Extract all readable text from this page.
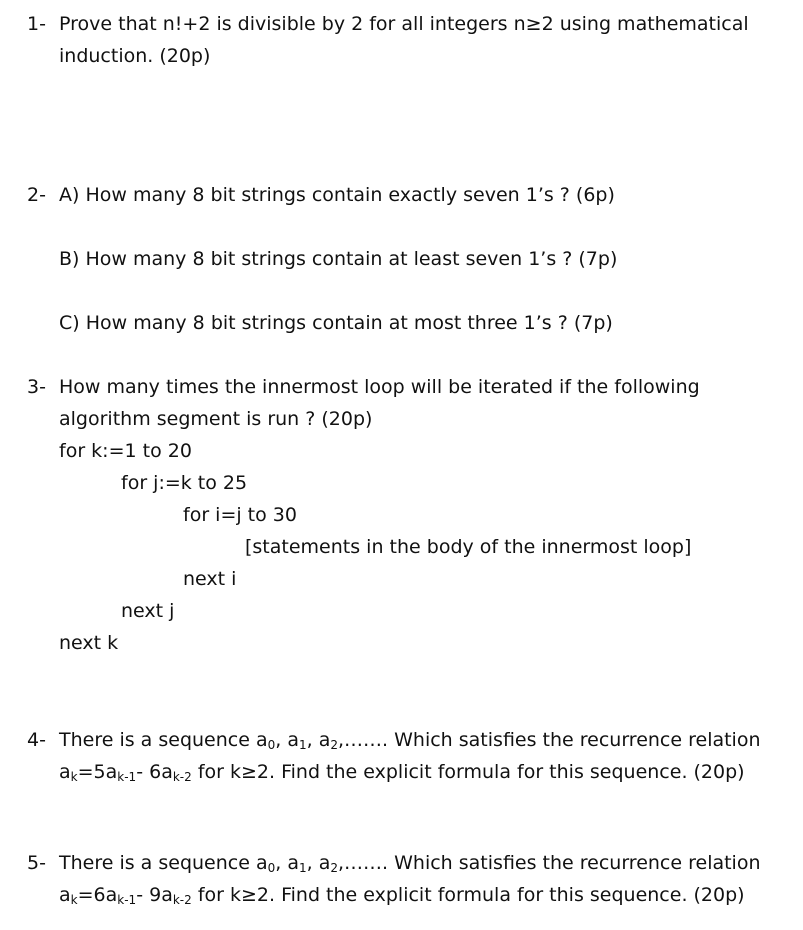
1- Prove that n!+2 is divisible by 2 for all integers n≥2 using mathematical
induction. (20p)
2- A) How many 8 bit strings contain exactly seven 1’s ? (6p)
B) How many 8 bit strings contain at least seven 1’s ? (7p)
C) How many 8 bit strings contain at most three 1’s ? (7p)
3- How many times the innermost loop will be iterated if the following
algorithm segment is run ? (20p)
for k:=1 to 20
for j:=k to 25
for i=j to 30
[statements in the body of the innermost loop]
next i
next j
next k
4- There is a sequence $a_0$, $a_1$, $a_2,\dots\dots$. Which satisfies the recurrence relation
$a_k=5a_{k-1}-$ $6a_{k-2}$ for k≥2. Find the explicit formula for this sequence. (20p)
5- There is a sequence $a_0$, $a_1$, $a_2,\dots\dots$. Which satisfies the recurrence relation
$a_k=6a_{k-1}-$ $9a_{k-2}$ for k≥2. Find the explicit formula for this sequence. (20p)
